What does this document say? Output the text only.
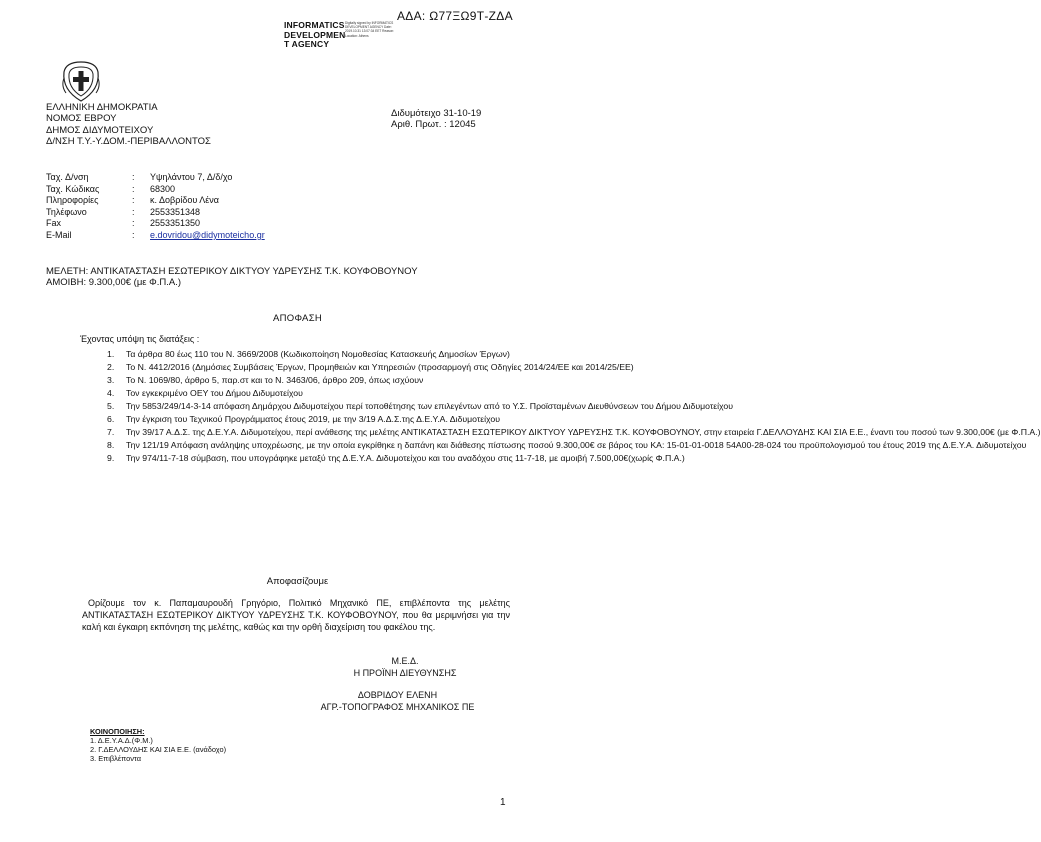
ΑΔΑ: Ω77ΞΩ9Τ-ΖΔΑ
INFORMATICS
DEVELOPMEN
T AGENCY
Digitally signed by INFORMATICS DEVELOPMENT AGENCY Date: 2019.10.31 13:07:34 EET Reason: Location: Athens
ΕΛΛΗΝΙΚΗ ΔΗΜΟΚΡΑΤΙΑ
ΝΟΜΟΣ ΕΒΡΟΥ
ΔΗΜΟΣ ΔΙΔΥΜΟΤΕΙΧΟΥ
Δ/ΝΣΗ Τ.Υ.-Υ.ΔΟΜ.-ΠΕΡΙΒΑΛΛΟΝΤΟΣ
Διδυμότειχο 31-10-19
Αριθ. Πρωτ. : 12045
Ταχ. Δ/νση	:	Υψηλάντου 7, Δ/δ/χο
Ταχ. Κώδικας	:	68300
Πληροφορίες	:	κ. Δοβρίδου Λένα
Τηλέφωνο	:	2553351348
Fax	:	2553351350
E-Mail	:	e.dovridou@didymoteicho.gr
ΜΕΛΕΤΗ: ΑΝΤΙΚΑΤΑΣΤΑΣΗ ΕΣΩΤΕΡΙΚΟΥ ΔΙΚΤΥΟΥ ΥΔΡΕΥΣΗΣ Τ.Κ. ΚΟΥΦΟΒΟΥΝΟΥ
ΑΜΟΙΒΗ: 9.300,00€ (με Φ.Π.Α.)
ΑΠΟΦΑΣΗ
Έχοντας υπόψη τις διατάξεις :
1.	Τα άρθρα 80 έως 110 του Ν. 3669/2008 (Κωδικοποίηση Νομοθεσίας Κατασκευής Δημοσίων Έργων)
2.	Το Ν. 4412/2016 (Δημόσιες Συμβάσεις Έργων, Προμηθειών και Υπηρεσιών (προσαρμογή στις Οδηγίες 2014/24/ΕΕ και 2014/25/ΕΕ)
3.	Το Ν. 1069/80, άρθρο 5, παρ.στ και το Ν. 3463/06, άρθρο 209, όπως ισχύουν
4.	Τον εγκεκριμένο ΟΕΥ του Δήμου Διδυμοτείχου
5.	Την 5853/249/14-3-14 απόφαση Δημάρχου Διδυμοτείχου περί τοποθέτησης των επιλεγέντων από το Υ.Σ. Προϊσταμένων Διευθύνσεων του Δήμου Διδυμοτείχου
6.	Την έγκριση του Τεχνικού Προγράμματος έτους 2019, με την 3/19 Α.Δ.Σ.της Δ.Ε.Υ.Α. Διδυμοτείχου
7.	Την 39/17 Α.Δ.Σ. της Δ.Ε.Υ.Α. Διδυμοτείχου, περί ανάθεσης της μελέτης ΑΝΤΙΚΑΤΑΣΤΑΣΗ ΕΣΩΤΕΡΙΚΟΥ ΔΙΚΤΥΟΥ ΥΔΡΕΥΣΗΣ Τ.Κ. ΚΟΥΦΟΒΟΥΝΟΥ, στην εταιρεία Γ.ΔΕΛΛΟΥΔΗΣ ΚΑΙ ΣΙΑ Ε.Ε., έναντι του ποσού των 9.300,00€ (με Φ.Π.Α.)
8.	Την 121/19 Απόφαση ανάληψης υποχρέωσης, με την οποία εγκρίθηκε η δαπάνη και διάθεσης πίστωσης ποσού 9.300,00€ σε βάρος του ΚΑ: 15-01-01-0018 54Α00-28-024 του προϋπολογισμού του έτους 2019 της Δ.Ε.Υ.Α. Διδυμοτείχου
9.	Την 974/11-7-18 σύμβαση, που υπογράφηκε μεταξύ της Δ.Ε.Υ.Α. Διδυμοτείχου και του αναδόχου στις 11-7-18, με αμοιβή 7.500,00€(χωρίς Φ.Π.Α.)
Αποφασίζουμε
Ορίζουμε τον κ. Παπαμαυρουδή Γρηγόριο, Πολιτικό Μηχανικό ΠΕ, επιβλέποντα της μελέτης ΑΝΤΙΚΑΤΑΣΤΑΣΗ ΕΣΩΤΕΡΙΚΟΥ ΔΙΚΤΥΟΥ ΥΔΡΕΥΣΗΣ Τ.Κ. ΚΟΥΦΟΒΟΥΝΟΥ, που θα μεριμνήσει για την καλή και έγκαιρη εκπόνηση της μελέτης, καθώς και την ορθή διαχείριση του φακέλου της.
Μ.Ε.Δ.
Η ΠΡΟΪΝΗ ΔΙΕΥΘΥΝΣΗΣ
ΔΟΒΡΙΔΟΥ ΕΛΕΝΗ
ΑΓΡ.-ΤΟΠΟΓΡΑΦΟΣ ΜΗΧΑΝΙΚΟΣ ΠΕ
ΚΟΙΝΟΠΟΙΗΣΗ:
1. Δ.Ε.Υ.Α.Δ.(Φ.Μ.)
2. Γ.ΔΕΛΛΟΥΔΗΣ ΚΑΙ ΣΙΑ Ε.Ε. (ανάδοχο)
3. Επιβλέποντα
1
